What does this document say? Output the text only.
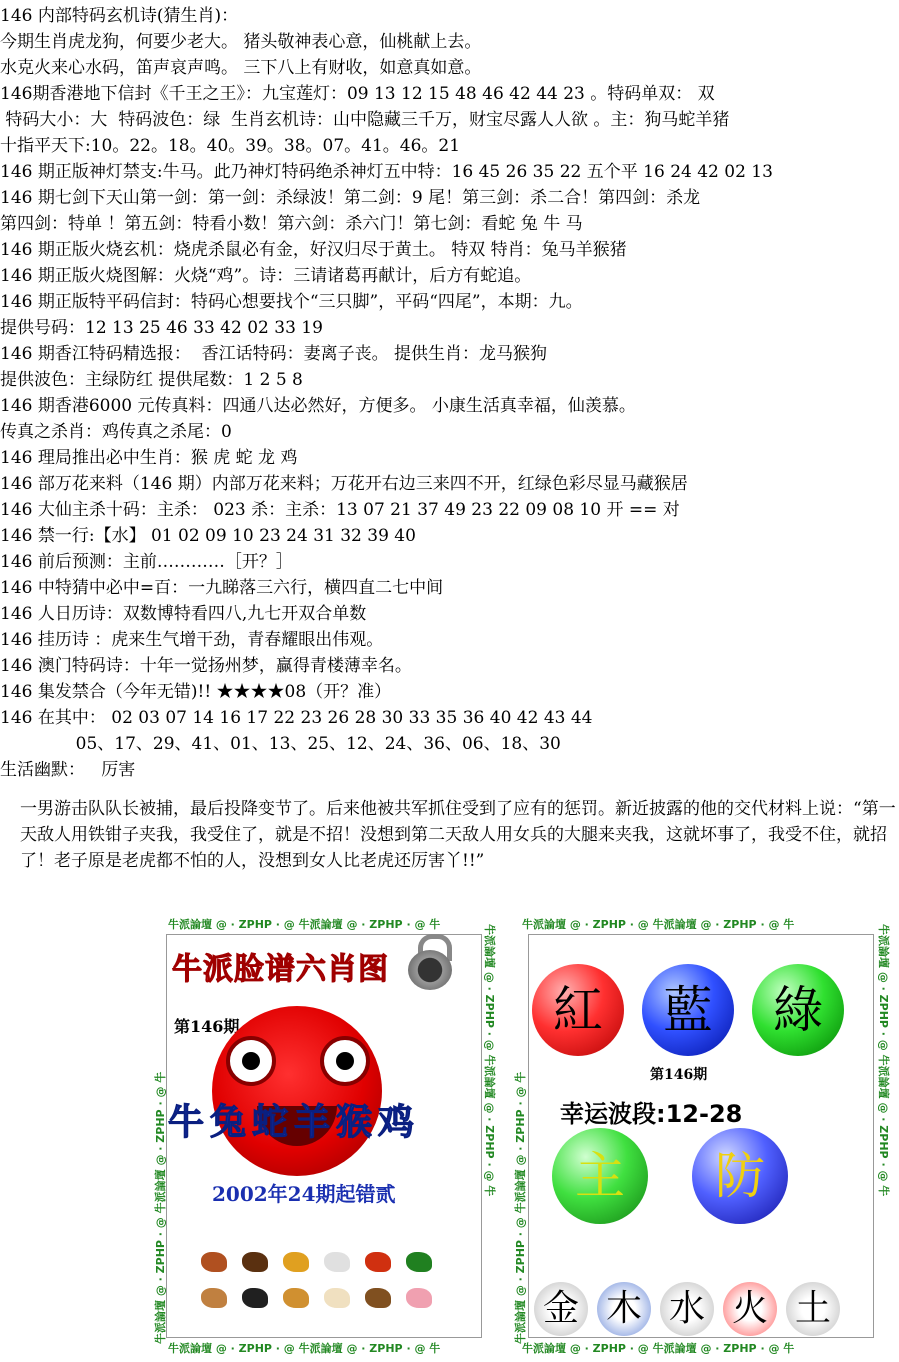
146 内部特码玄机诗(猜生肖)：
今期生肖虎龙狗，何要少老大。 猪头敬神表心意，仙桃献上去。
水克火来心水码，笛声哀声鸣。 三下八上有财收，如意真如意。
146期香港地下信封《千王之王》：九宝莲灯：09 13 12 15 48 46 42 44 23 。特码单双： 双
特码大小：大  特码波色：绿  生肖玄机诗：山中隐藏三千万，财宝尽露人人欲 。主：狗马蛇羊猪
十指平天下:10。22。18。40。39。38。07。41。46。21
146 期正版神灯禁支:牛马。此乃神灯特码绝杀神灯五中特：16 45 26 35 22 五个平 16 24 42 02 13
146 期七剑下天山第一剑：第一剑：杀绿波！第二剑：9 尾！第三剑：杀二合！第四剑：杀龙
第四剑：特单 ！第五剑：特看小数！第六剑：杀六门！第七剑：看蛇 兔 牛 马
146 期正版火烧玄机：烧虎杀鼠必有金，好汉归尽于黄土。 特双 特肖：兔马羊猴猪
146 期正版火烧图解：火烧“鸡”。诗：三请诸葛再献计，后方有蛇追。
146 期正版特平码信封：特码心想要找个“三只脚”，平码“四尾”，本期：九。
提供号码：12 13 25 46 33 42 02 33 19
146 期香江特码精选报：  香江话特码：妻离子丧。 提供生肖：龙马猴狗
提供波色：主绿防红 提供尾数：1 2 5 8
146 期香港6000 元传真料：四通八达必然好，方便多。 小康生活真幸福，仙羡慕。
传真之杀肖：鸡传真之杀尾：0
146 理局推出必中生肖：猴 虎 蛇 龙 鸡
146 部万花来料（146 期）内部万花来料；万花开右边三来四不开，红绿色彩尽显马藏猴居
146 大仙主杀十码：主杀： 023 杀：主杀：13 07 21 37 49 23 22 09 08 10 开 == 对
146 禁一行:【水】 01 02 09 10 23 24 31 32 39 40
146 前后预测：主前…………［开？］
146 中特猜中必中=百：一九睇落三六行，横四直二七中间
146 人日历诗：双数博特看四八,九七开双合单数
146 挂历诗 ：虎来生气增干劲，青春耀眼出伟观。
146 澳门特码诗：十年一觉扬州梦，赢得青楼薄幸名。
146 集发禁合（今年无错)!! ★★★★08（开？准）
146 在其中： 02 03 07 14 16 17 22 23 26 28 30 33 35 36 40 42 43 44
05、17、29、41、01、13、25、12、24、36、06、18、30
生活幽默：   厉害
一男游击队队长被捕，最后投降变节了。后来他被共军抓住受到了应有的惩罚。新近披露的他的交代材料上说：“第一天敌人用铁钳子夹我，我受住了，就是不招！没想到第二天敌人用女兵的大腿来夹我，这就坏事了，我受不住，就招了！老子原是老虎都不怕的人，没想到女人比老虎还厉害丫!!”
牛派論壇 @ · ZPHP · @ 牛派論壇 @ · ZPHP · @ 牛
牛派論壇 @ · ZPHP · @ 牛派論壇 @ · ZPHP · @ 牛
牛派論壇 @ · ZPHP · @ 牛派論壇 @ · ZPHP · @ 牛
牛派論壇 @ · ZPHP · @ 牛派論壇 @ · ZPHP · @ 牛
牛派脸谱六肖图
第146期
牛兔蛇羊猴鸡
2002年24期起错贰

牛派論壇 @ · ZPHP · @ 牛派論壇 @ · ZPHP · @ 牛
牛派論壇 @ · ZPHP · @ 牛派論壇 @ · ZPHP · @ 牛
牛派論壇 @ · ZPHP · @ 牛派論壇 @ · ZPHP · @ 牛
牛派論壇 @ · ZPHP · @ 牛派論壇 @ · ZPHP · @ 牛
紅	藍	綠
第146期
幸运波段:12-28
主	防
金 木 水 火 土
